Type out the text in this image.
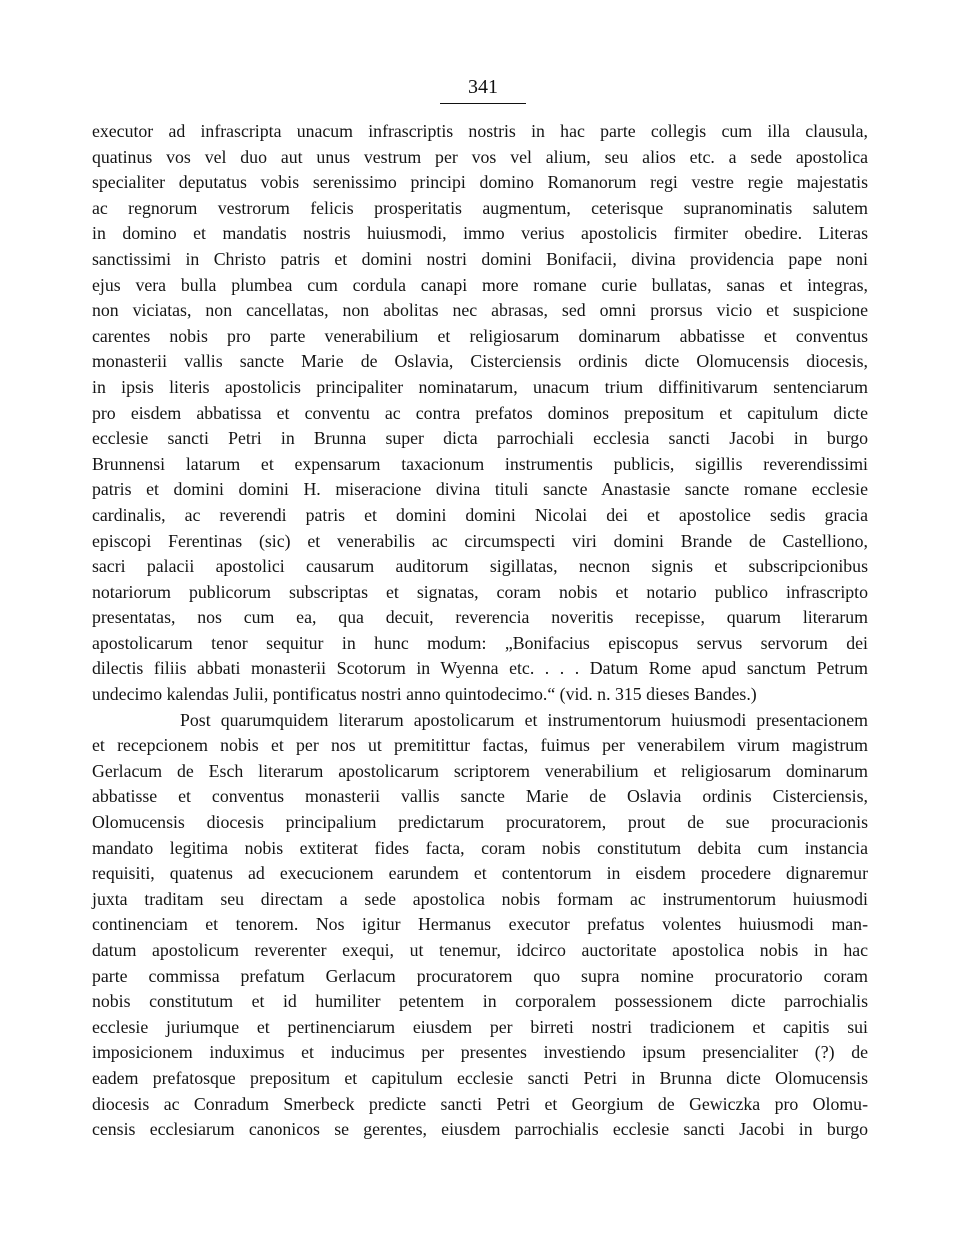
341
executor ad infrascripta unacum infrascriptis nostris in hac parte collegis cum illa clausula,
quatinus vos vel duo aut unus vestrum per vos vel alium, seu alios etc. a sede apostolica
specialiter deputatus vobis serenissimo principi domino Romanorum regi vestre regie majestatis
ac regnorum vestrorum felicis prosperitatis augmentum, ceterisque supranominatis salutem
in domino et mandatis nostris huiusmodi, immo verius apostolicis firmiter obedire. Literas
sanctissimi in Christo patris et domini nostri domini Bonifacii, divina providencia pape noni
ejus vera bulla plumbea cum cordula canapi more romane curie bullatas, sanas et integras,
non viciatas, non cancellatas, non abolitas nec abrasas, sed omni prorsus vicio et suspicione
carentes nobis pro parte venerabilium et religiosarum dominarum abbatisse et conventus
monasterii vallis sancte Marie de Oslavia, Cisterciensis ordinis dicte Olomucensis diocesis,
in ipsis literis apostolicis principaliter nominatarum, unacum trium diffinitivarum sentenciarum
pro eisdem abbatissa et conventu ac contra prefatos dominos prepositum et capitulum dicte
ecclesie sancti Petri in Brunna super dicta parrochiali ecclesia sancti Jacobi in burgo
Brunnensi latarum et expensarum taxacionum instrumentis publicis, sigillis reverendissimi
patris et domini domini H. miseracione divina tituli sancte Anastasie sancte romane ecclesie
cardinalis, ac reverendi patris et domini domini Nicolai dei et apostolice sedis gracia
episcopi Ferentinas (sic) et venerabilis ac circumspecti viri domini Brande de Castelliono,
sacri palacii apostolici causarum auditorum sigillatas, necnon signis et subscripcionibus
notariorum publicorum subscriptas et signatas, coram nobis et notario publico infrascripto
presentatas, nos cum ea, qua decuit, reverencia noveritis recepisse, quarum literarum
apostolicarum tenor sequitur in hunc modum: „Bonifacius episcopus servus servorum dei
dilectis filiis abbati monasterii Scotorum in Wyenna etc. . . . Datum Rome apud sanctum Petrum
undecimo kalendas Julii, pontificatus nostri anno quintodecimo.“ (vid. n. 315 dieses Bandes.)
Post quarumquidem literarum apostolicarum et instrumentorum huiusmodi presentacionem
et recepcionem nobis et per nos ut premitittur factas, fuimus per venerabilem virum magistrum
Gerlacum de Esch literarum apostolicarum scriptorem venerabilium et religiosarum dominarum
abbatisse et conventus monasterii vallis sancte Marie de Oslavia ordinis Cisterciensis,
Olomucensis diocesis principalium predictarum procuratorem, prout de sue procuracionis
mandato legitima nobis extiterat fides facta, coram nobis constitutum debita cum instancia
requisiti, quatenus ad execucionem earundem et contentorum in eisdem procedere dignaremur
juxta traditam seu directam a sede apostolica nobis formam ac instrumentorum huiusmodi
continenciam et tenorem. Nos igitur Hermanus executor prefatus volentes huiusmodi man-
datum apostolicum reverenter exequi, ut tenemur, idcirco auctoritate apostolica nobis in hac
parte commissa prefatum Gerlacum procuratorem quo supra nomine procuratorio coram
nobis constitutum et id humiliter petentem in corporalem possessionem dicte parrochialis
ecclesie juriumque et pertinenciarum eiusdem per birreti nostri tradicionem et capitis sui
imposicionem induximus et inducimus per presentes investiendo ipsum presencialiter (?) de
eadem prefatosque prepositum et capitulum ecclesie sancti Petri in Brunna dicte Olomucensis
diocesis ac Conradum Smerbeck predicte sancti Petri et Georgium de Gewiczka pro Olomu-
censis ecclesiarum canonicos se gerentes, eiusdem parrochialis ecclesie sancti Jacobi in burgo
